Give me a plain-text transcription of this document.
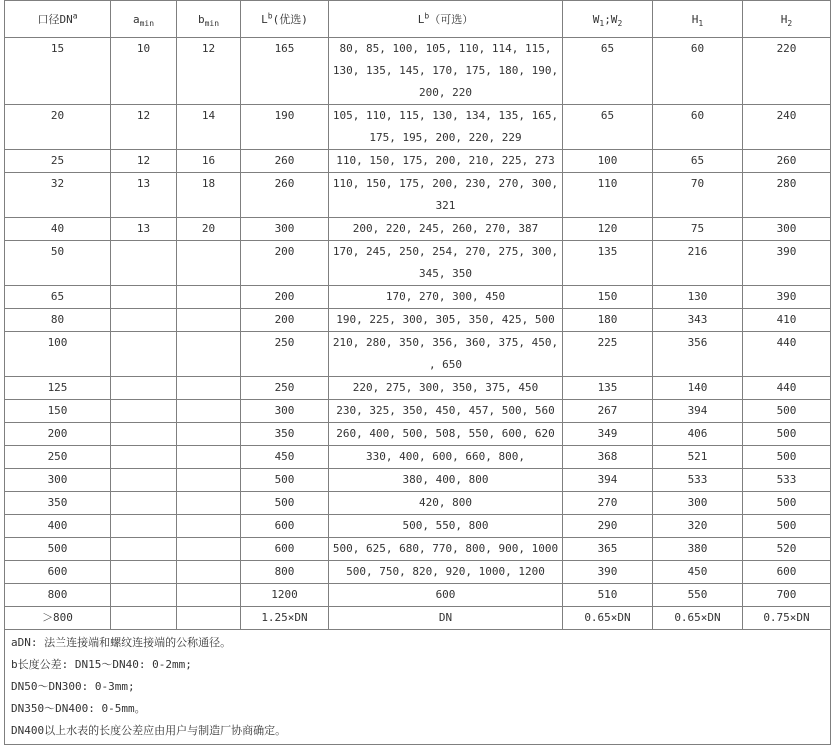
口径$DN^a$	$a_{min}$	$b_{min}$	$L^b$(优选)	$L^b$（可选）	$W_1;W_2$	$H_1$	$H_2$
15	10	12	165	80, 85, 100, 105, 110, 114, 115, 130, 135, 145, 170, 175, 180, 190, 200, 220	65	60	220
20	12	14	190	105, 110, 115, 130, 134, 135, 165, 175, 195, 200, 220, 229	65	60	240
25	12	16	260	110, 150, 175, 200, 210, 225, 273	100	65	260
32	13	18	260	110, 150, 175, 200, 230, 270, 300, 321	110	70	280
40	13	20	300	200, 220, 245, 260, 270, 387	120	75	300
50			200	170, 245, 250, 254, 270, 275, 300, 345, 350	135	216	390
65			200	170, 270, 300, 450	150	130	390
80			200	190, 225, 300, 305, 350, 425, 500	180	343	410
100			250	210, 280, 350, 356, 360, 375, 450, , 650	225	356	440
125			250	220, 275, 300, 350, 375, 450	135	140	440
150			300	230, 325, 350, 450, 457, 500, 560	267	394	500
200			350	260, 400, 500, 508, 550, 600, 620	349	406	500
250			450	330, 400, 600, 660, 800,	368	521	500
300			500	380, 400, 800	394	533	533
350			500	420, 800	270	300	500
400			600	500, 550, 800	290	320	500
500			600	500, 625, 680, 770, 800, 900, 1000	365	380	520
600			800	500, 750, 820, 920, 1000, 1200	390	450	600
800			1200	600	510	550	700
＞800			1.25×DN	DN	0.65×DN	0.65×DN	0.75×DN

aDN: 法兰连接端和螺纹连接端的公称通径。
b长度公差: DN15～DN40: 0-2mm;
DN50～DN300: 0-3mm;
DN350～DN400: 0-5mm。
DN400以上水表的长度公差应由用户与制造厂协商确定。							
